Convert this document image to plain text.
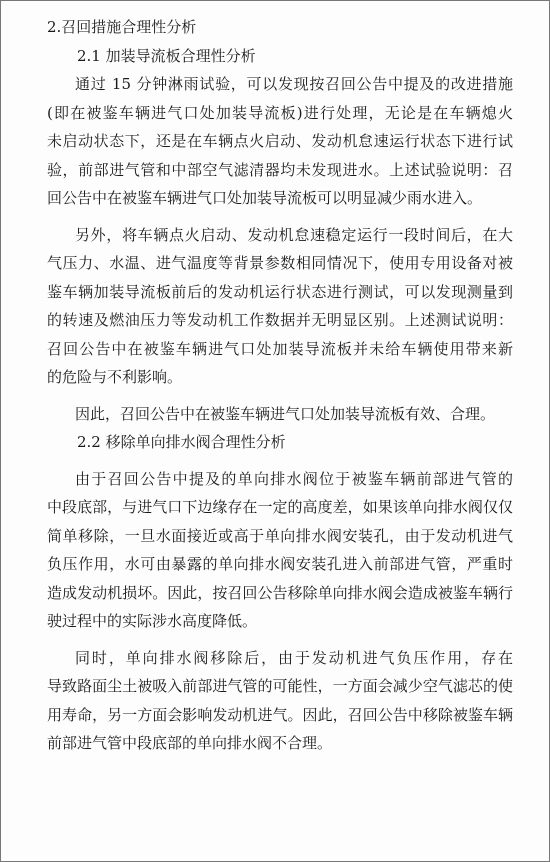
2.召回措施合理性分析
2.1 加装导流板合理性分析
通过 15 分钟淋雨试验，可以发现按召回公告中提及的改进措施
(即在被鉴车辆进气口处加装导流板)进行处理，无论是在车辆熄火
未启动状态下，还是在车辆点火启动、发动机怠速运行状态下进行试
验，前部进气管和中部空气滤清器均未发现进水。上述试验说明：召
回公告中在被鉴车辆进气口处加装导流板可以明显减少雨水进入。
另外，将车辆点火启动、发动机怠速稳定运行一段时间后，在大
气压力、水温、进气温度等背景参数相同情况下，使用专用设备对被
鉴车辆加装导流板前后的发动机运行状态进行测试，可以发现测量到
的转速及燃油压力等发动机工作数据并无明显区别。上述测试说明：
召回公告中在被鉴车辆进气口处加装导流板并未给车辆使用带来新
的危险与不利影响。
因此，召回公告中在被鉴车辆进气口处加装导流板有效、合理。
2.2 移除单向排水阀合理性分析
由于召回公告中提及的单向排水阀位于被鉴车辆前部进气管的
中段底部，与进气口下边缘存在一定的高度差，如果该单向排水阀仅仅
简单移除，一旦水面接近或高于单向排水阀安装孔，由于发动机进气
负压作用，水可由暴露的单向排水阀安装孔进入前部进气管，严重时
造成发动机损坏。因此，按召回公告移除单向排水阀会造成被鉴车辆行
驶过程中的实际涉水高度降低。
同时，单向排水阀移除后，由于发动机进气负压作用，存在
导致路面尘土被吸入前部进气管的可能性，一方面会减少空气滤芯的使
用寿命，另一方面会影响发动机进气。因此，召回公告中移除被鉴车辆
前部进气管中段底部的单向排水阀不合理。
